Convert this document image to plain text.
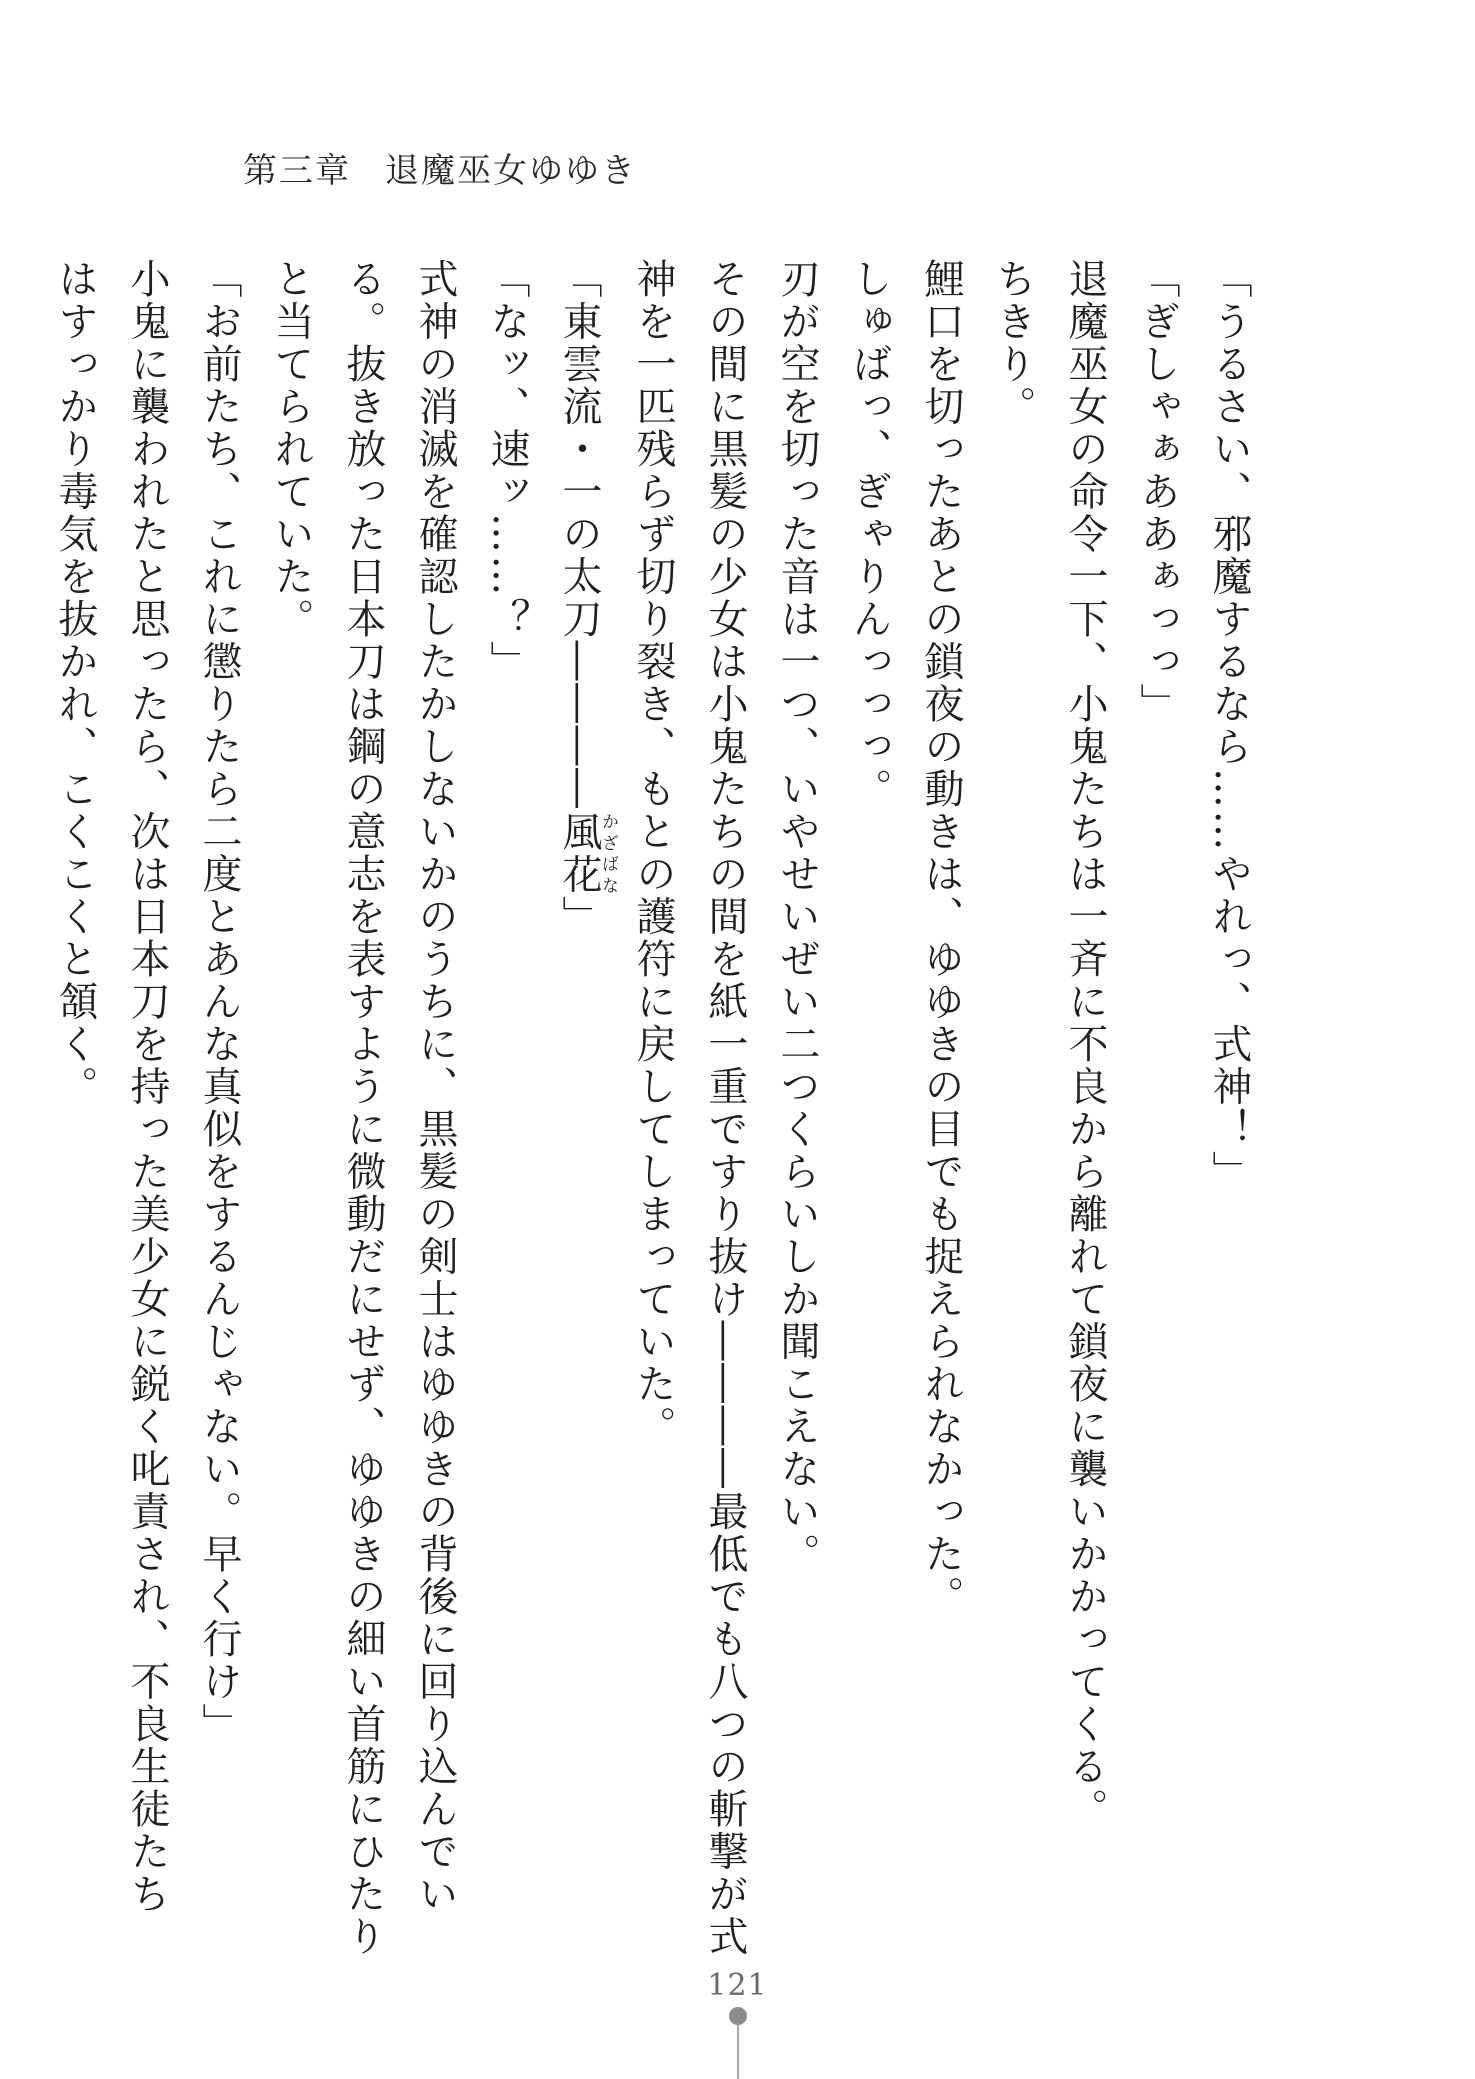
第三章 退魔巫女ゆゆき
「うるさい、邪魔するなら……やれっ、式神！」
「ぎしゃぁああぁっっ」
退魔巫女の命令一下、小鬼たちは一斉に不良から離れて鎖夜に襲いかかってくる。
ちきり。
鯉口を切ったあとの鎖夜の動きは、ゆゆきの目でも捉えられなかった。
しゅばっ、ぎゃりんっっっ。
刃が空を切った音は一つ、いやせいぜい二つくらいしか聞こえない。
その間に黒髪の少女は小鬼たちの間を紙一重ですり抜け――――最低でも八つの斬撃が式
神を一匹残らず切り裂き、もとの護符に戻してしまっていた。
「東雲流・一の太刀――――風花かざばな」
「なッ、速ッ……？」
式神の消滅を確認したかしないかのうちに、黒髪の剣士はゆゆきの背後に回り込んでい
る。抜き放った日本刀は鋼の意志を表すように微動だにせず、ゆゆきの細い首筋にひたり
と当てられていた。
「お前たち、これに懲りたら二度とあんな真似をするんじゃない。早く行け」
小鬼に襲われたと思ったら、次は日本刀を持った美少女に鋭く叱責され、不良生徒たち
はすっかり毒気を抜かれ、こくこくと頷く。
121
